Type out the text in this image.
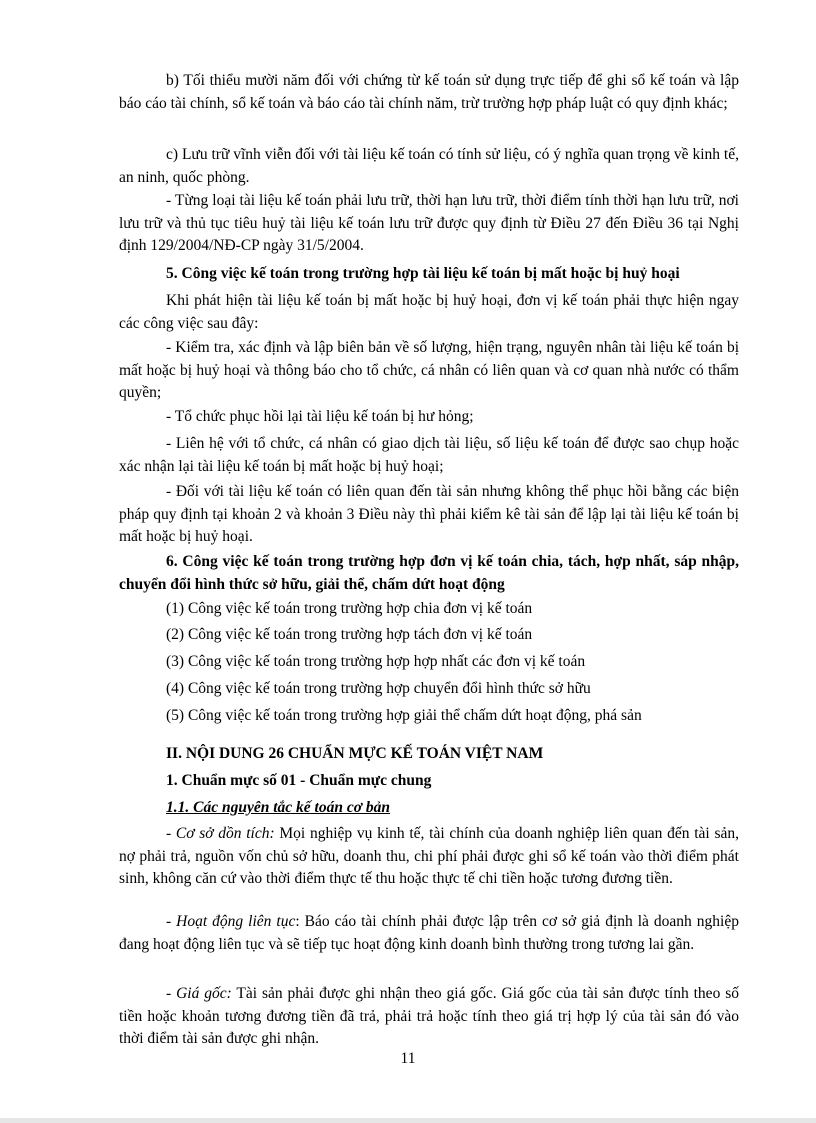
b) Tối thiểu mười năm đối với chứng từ kế toán sử dụng trực tiếp để ghi sổ kế toán và lập báo cáo tài chính, sổ kế toán và báo cáo tài chính năm, trừ trường hợp pháp luật có quy định khác;

c) Lưu trữ vĩnh viễn đối với tài liệu kế toán có tính sử liệu, có ý nghĩa quan trọng về kinh tế, an ninh, quốc phòng.

- Từng loại tài liệu kế toán phải lưu trữ, thời hạn lưu trữ, thời điểm tính thời hạn lưu trữ, nơi lưu trữ và thủ tục tiêu huỷ tài liệu kế toán lưu trữ được quy định từ Điều 27 đến Điều 36 tại Nghị định 129/2004/NĐ-CP ngày 31/5/2004.

5. Công việc kế toán trong trường hợp tài liệu kế toán bị mất hoặc bị huỷ hoại

Khi phát hiện tài liệu kế toán bị mất hoặc bị huỷ hoại, đơn vị kế toán phải thực hiện ngay các công việc sau đây:

- Kiểm tra, xác định và lập biên bản về số lượng, hiện trạng, nguyên nhân tài liệu kế toán bị mất hoặc bị huỷ hoại và thông báo cho tổ chức, cá nhân có liên quan và cơ quan nhà nước có thẩm quyền;

- Tổ chức phục hồi lại tài liệu kế toán bị hư hỏng;

- Liên hệ với tổ chức, cá nhân có giao dịch tài liệu, số liệu kế toán để được sao chụp hoặc xác nhận lại tài liệu kế toán bị mất hoặc bị huỷ hoại;

- Đối với tài liệu kế toán có liên quan đến tài sản nhưng không thể phục hồi bằng các biện pháp quy định tại khoản 2 và khoản 3 Điều này thì phải kiểm kê tài sản để lập lại tài liệu kế toán bị mất hoặc bị huỷ hoại.

6. Công việc kế toán trong trường hợp đơn vị kế toán chia, tách, hợp nhất, sáp nhập, chuyển đổi hình thức sở hữu, giải thể, chấm dứt hoạt động

(1) Công việc kế toán trong trường hợp chia đơn vị kế toán

(2) Công việc kế toán trong trường hợp tách đơn vị kế toán

(3) Công việc kế toán trong trường hợp hợp nhất các đơn vị kế toán

(4) Công việc kế toán trong trường hợp chuyển đổi hình thức sở hữu

(5) Công việc kế toán trong trường hợp giải thể chấm dứt hoạt động, phá sản

II. NỘI DUNG 26 CHUẨN MỰC KẾ TOÁN VIỆT NAM

1. Chuẩn mực số 01 - Chuẩn mực chung

1.1. Các nguyên tắc kế toán cơ bản

- Cơ sở dồn tích: Mọi nghiệp vụ kinh tế, tài chính của doanh nghiệp liên quan đến tài sản, nợ phải trả, nguồn vốn chủ sở hữu, doanh thu, chi phí phải được ghi sổ kế toán vào thời điểm phát sinh, không căn cứ vào thời điểm thực tế thu hoặc thực tế chi tiền hoặc tương đương tiền.

- Hoạt động liên tục: Báo cáo tài chính phải được lập trên cơ sở giả định là doanh nghiệp đang hoạt động liên tục và sẽ tiếp tục hoạt động kinh doanh bình thường trong tương lai gần.

- Giá gốc: Tài sản phải được ghi nhận theo giá gốc. Giá gốc của tài sản được tính theo số tiền hoặc khoản tương đương tiền đã trả, phải trả hoặc tính theo giá trị hợp lý của tài sản đó vào thời điểm tài sản được ghi nhận.

11
